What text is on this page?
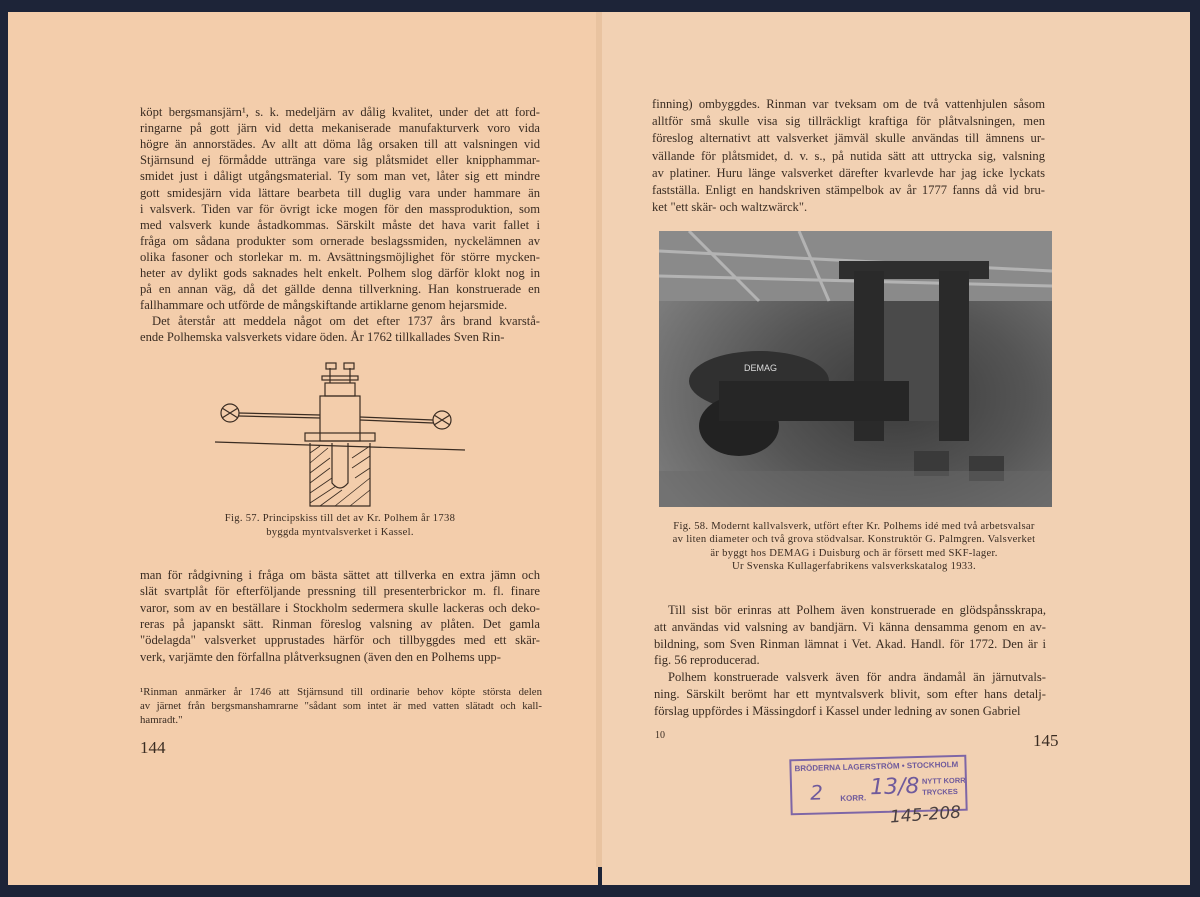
köpt bergsmansjärn¹, s. k. medeljärn av dålig kvalitet, under det att ford-
ringarne på gott järn vid detta mekaniserade manufakturverk voro vida
högre än annorstädes. Av allt att döma låg orsaken till att valsningen vid
Stjärnsund ej förmådde uttränga vare sig plåtsmidet eller knipphammar-
smidet just i dåligt utgångsmaterial. Ty som man vet, låter sig ett mindre
gott smidesjärn vida lättare bearbeta till duglig vara under hammare än
i valsverk. Tiden var för övrigt icke mogen för den massproduktion, som
med valsverk kunde åstadkommas. Särskilt måste det hava varit fallet i
fråga om sådana produkter som ornerade beslagssmiden, nyckelämnen av
olika fasoner och storlekar m. m. Avsättningsmöjlighet för större mycken-
heter av dylikt gods saknades helt enkelt. Polhem slog därför klokt nog in
på en annan väg, då det gällde denna tillverkning. Han konstruerade en
fallhammare och utförde de mångskiftande artiklarne genom hejarsmide.
Det återstår att meddela något om det efter 1737 års brand kvarstå-
ende Polhemska valsverkets vidare öden. År 1762 tillkallades Sven Rin-
Fig. 57. Principskiss till det av Kr. Polhem år 1738
byggda myntvalsverket i Kassel.
man för rådgivning i fråga om bästa sättet att tillverka en extra jämn och
slät svartplåt för efterföljande pressning till presenterbrickor m. fl. finare
varor, som av en beställare i Stockholm sedermera skulle lackeras och deko-
reras på japanskt sätt. Rinman föreslog valsning av plåten. Det gamla
"ödelagda" valsverket upprustades härför och tillbyggdes med ett skär-
verk, varjämte den förfallna plåtverksugnen (även den en Polhems upp-
¹Rinman anmärker år 1746 att Stjärnsund till ordinarie behov köpte största delen
av järnet från bergsmanshamrarne "sådant som intet är med vatten slätadt och kall-
hamradt."
finning) ombyggdes. Rinman var tveksam om de två vattenhjulen såsom
alltför små skulle visa sig tillräckligt kraftiga för plåtvalsningen, men
föreslog alternativt att valsverket jämväl skulle användas till ämnens ur-
vällande för plåtsmidet, d. v. s., på nutida sätt att uttrycka sig, valsning
av platiner. Huru länge valsverket därefter kvarlevde har jag icke lyckats
fastställa. Enligt en handskriven stämpelbok av år 1777 fanns då vid bru-
ket "ett skär- och waltzwärck".
Fig. 58. Modernt kallvalsverk, utfört efter Kr. Polhems idé med två arbetsvalsar
av liten diameter och två grova stödvalsar. Konstruktör G. Palmgren. Valsverket
är byggt hos DEMAG i Duisburg och är försett med SKF-lager.
Ur Svenska Kullagerfabrikens valsverkskatalog 1933.
Till sist bör erinras att Polhem även konstruerade en glödspånsskrapa,
att användas vid valsning av bandjärn. Vi känna densamma genom en av-
bildning, som Sven Rinman lämnat i Vet. Akad. Handl. för 1772. Den är i
fig. 56 reproducerad.
Polhem konstruerade valsverk även för andra ändamål än järnutvals-
ning. Särskilt berömt har ett myntvalsverk blivit, som efter hans detalj-
förslag uppfördes i Mässingdorf i Kassel under ledning av sonen Gabriel
144
10	145
DEMAG
BRÖDERNA LAGERSTRÖM • STOCKHOLM
2 KORR. 13/8 NYTT KORR
TRYCKES
145-208
